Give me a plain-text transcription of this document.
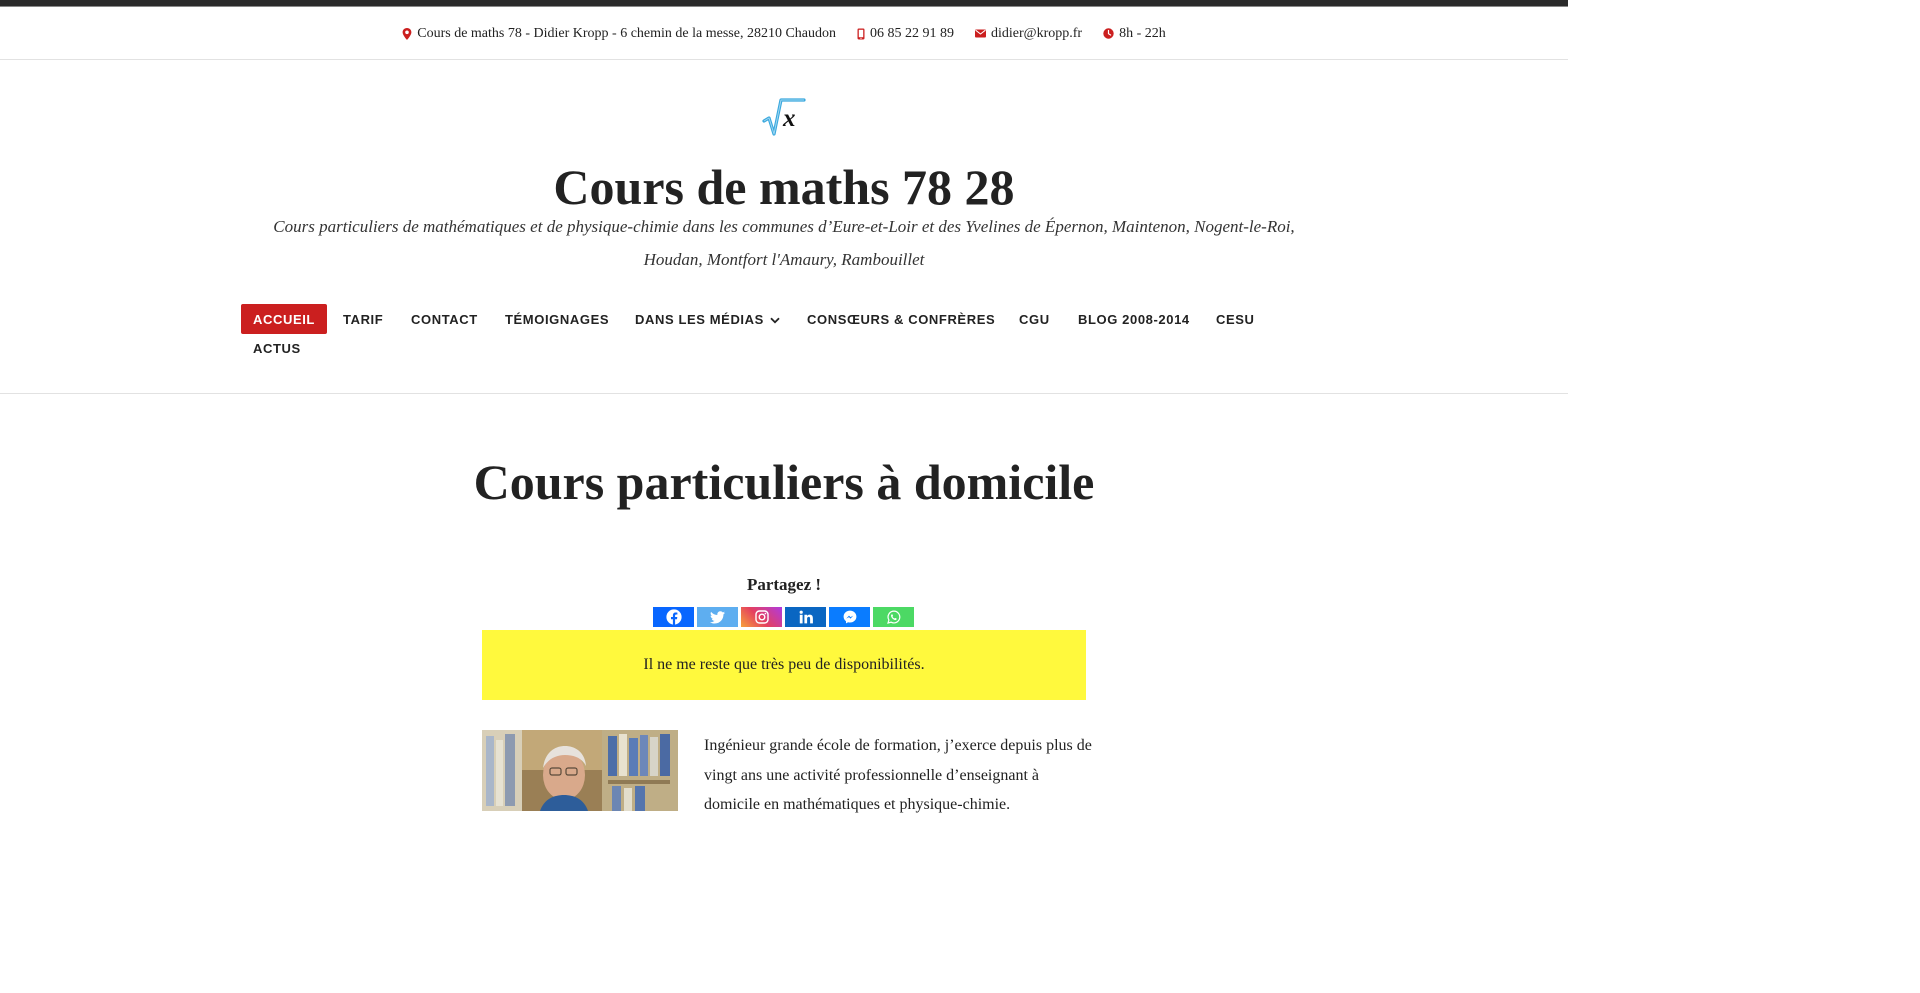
Cours de maths 78 - Didier Kropp - 6 chemin de la messe, 28210 Chaudon 06 85 22 91 89	didier@kropp.fr	8h - 22h
x
Cours de maths 78 28
Cours particuliers de mathématiques et de physique-chimie dans les communes d’Eure-et-Loir et des Yvelines de Épernon, Maintenon, Nogent-le-Roi, Houdan, Montfort l'Amaury, Rambouillet
ACCUEIL	TARIF	CONTACT	TÉMOIGNAGES	DANS LES MÉDIAS	CONSŒURS & CONFRÈRES	CGU	BLOG 2008-2014	CESU
ACTUS
Cours particuliers à domicile
Partagez !
Il ne me reste que très peu de disponibilités.

Ingénieur grande école de formation, j’exerce depuis plus de vingt ans une activité professionnelle d’enseignant à domicile en mathématiques et physique-chimie.
